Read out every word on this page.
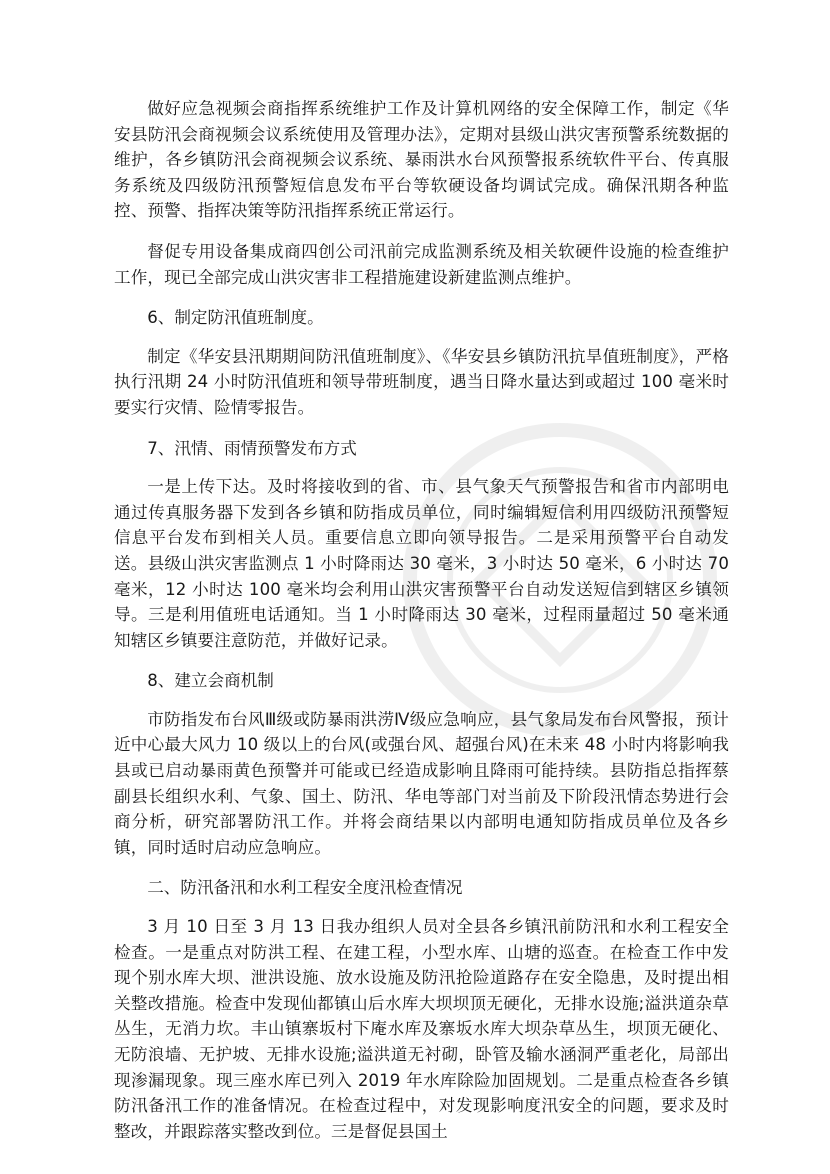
做好应急视频会商指挥系统维护工作及计算机网络的安全保障工作，制定《华安县防汛会商视频会议系统使用及管理办法》，定期对县级山洪灾害预警系统数据的维护，各乡镇防汛会商视频会议系统、暴雨洪水台风预警报系统软件平台、传真服务系统及四级防汛预警短信息发布平台等软硬设备均调试完成。确保汛期各种监控、预警、指挥决策等防汛指挥系统正常运行。

督促专用设备集成商四创公司汛前完成监测系统及相关软硬件设施的检查维护工作，现已全部完成山洪灾害非工程措施建设新建监测点维护。

6、制定防汛值班制度。

制定《华安县汛期期间防汛值班制度》、《华安县乡镇防汛抗旱值班制度》，严格执行汛期 24 小时防汛值班和领导带班制度，遇当日降水量达到或超过 100 毫米时要实行灾情、险情零报告。

7、汛情、雨情预警发布方式

一是上传下达。及时将接收到的省、市、县气象天气预警报告和省市内部明电通过传真服务器下发到各乡镇和防指成员单位，同时编辑短信利用四级防汛预警短信息平台发布到相关人员。重要信息立即向领导报告。二是采用预警平台自动发送。县级山洪灾害监测点 1 小时降雨达 30 毫米，3 小时达 50 毫米，6 小时达 70 毫米，12 小时达 100 毫米均会利用山洪灾害预警平台自动发送短信到辖区乡镇领导。三是利用值班电话通知。当 1 小时降雨达 30 毫米，过程雨量超过 50 毫米通知辖区乡镇要注意防范，并做好记录。

8、建立会商机制

市防指发布台风Ⅲ级或防暴雨洪涝Ⅳ级应急响应，县气象局发布台风警报，预计近中心最大风力 10 级以上的台风(或强台风、超强台风)在未来 48 小时内将影响我县或已启动暴雨黄色预警并可能或已经造成影响且降雨可能持续。县防指总指挥蔡副县长组织水利、气象、国土、防汛、华电等部门对当前及下阶段汛情态势进行会商分析，研究部署防汛工作。并将会商结果以内部明电通知防指成员单位及各乡镇，同时适时启动应急响应。

二、防汛备汛和水利工程安全度汛检查情况

3 月 10 日至 3 月 13 日我办组织人员对全县各乡镇汛前防汛和水利工程安全检查。一是重点对防洪工程、在建工程，小型水库、山塘的巡查。在检查工作中发现个别水库大坝、泄洪设施、放水设施及防汛抢险道路存在安全隐患，及时提出相关整改措施。检查中发现仙都镇山后水库大坝坝顶无硬化，无排水设施;溢洪道杂草丛生，无消力坎。丰山镇寨坂村下庵水库及寨坂水库大坝杂草丛生，坝顶无硬化、无防浪墙、无护坡、无排水设施;溢洪道无衬砌，卧管及输水涵洞严重老化，局部出现渗漏现象。现三座水库已列入 2019 年水库除险加固规划。二是重点检查各乡镇防汛备汛工作的准备情况。在检查过程中，对发现影响度汛安全的问题，要求及时整改，并跟踪落实整改到位。三是督促县国土
